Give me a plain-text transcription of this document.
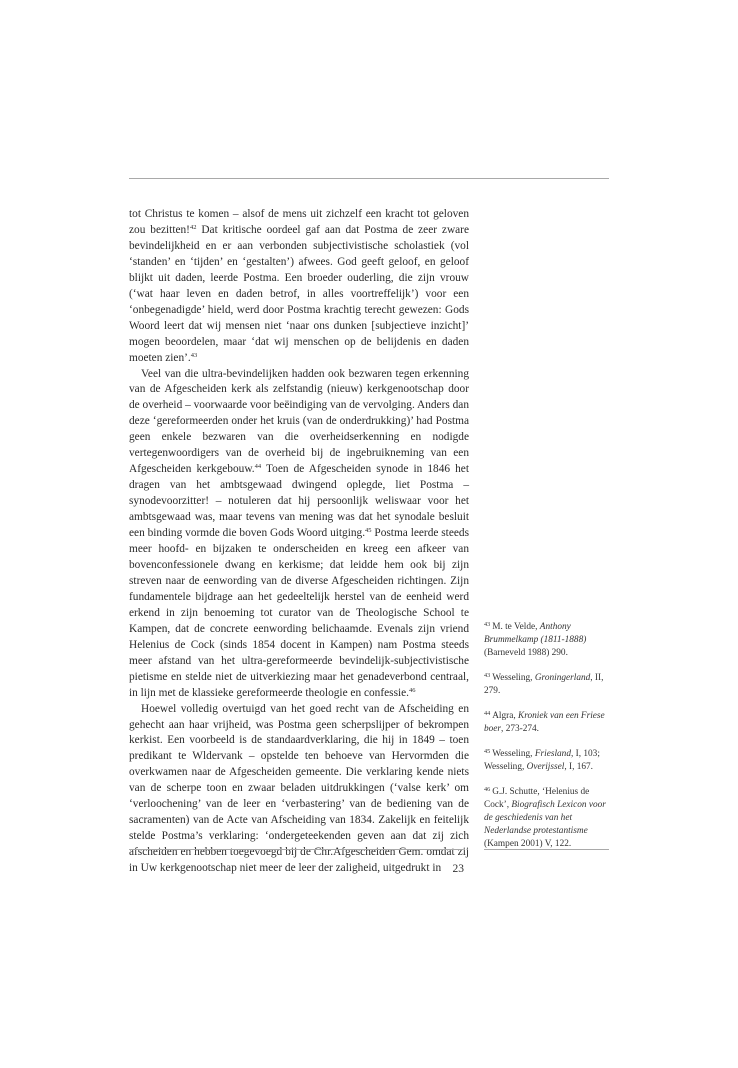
tot Christus te komen – alsof de mens uit zichzelf een kracht tot geloven zou bezitten!$^{42}$ Dat kritische oordeel gaf aan dat Postma de zeer zware bevindelijkheid en er aan verbonden subjectivistische scholastiek (vol ‘standen’ en ‘tijden’ en ‘gestalten’) afwees. God geeft geloof, en geloof blijkt uit daden, leerde Postma. Een broeder ouderling, die zijn vrouw (‘wat haar leven en daden betrof, in alles voortreffelijk’) voor een ‘onbegenadigde’ hield, werd door Postma krachtig terecht gewezen: Gods Woord leert dat wij mensen niet ‘naar ons dunken [subjectieve inzicht]’ mogen beoordelen, maar ‘dat wij menschen op de belijdenis en daden moeten zien’.$^{43}$

Veel van die ultra-bevindelijken hadden ook bezwaren tegen erkenning van de Afgescheiden kerk als zelfstandig (nieuw) kerkgenootschap door de overheid – voorwaarde voor beëindiging van de vervolging. Anders dan deze ‘gereformeerden onder het kruis (van de onderdrukking)’ had Postma geen enkele bezwaren van die overheidserkenning en nodigde vertegenwoordigers van de overheid bij de ingebruikneming van een Afgescheiden kerkgebouw.$^{44}$ Toen de Afgescheiden synode in 1846 het dragen van het ambtsgewaad dwingend oplegde, liet Postma – synodevoorzitter! – notuleren dat hij persoonlijk weliswaar voor het ambtsgewaad was, maar tevens van mening was dat het synodale besluit een binding vormde die boven Gods Woord uitging.$^{45}$ Postma leerde steeds meer hoofd- en bijzaken te onderscheiden en kreeg een afkeer van bovenconfessionele dwang en kerkisme; dat leidde hem ook bij zijn streven naar de eenwording van de diverse Afgescheiden richtingen. Zijn fundamentele bijdrage aan het gedeeltelijk herstel van de eenheid werd erkend in zijn benoeming tot curator van de Theologische School te Kampen, dat de concrete eenwording belichaamde. Evenals zijn vriend Helenius de Cock (sinds 1854 docent in Kampen) nam Postma steeds meer afstand van het ultra-gereformeerde bevindelijk-subjectivistische pietisme en stelde niet de uitverkiezing maar het genadeverbond centraal, in lijn met de klassieke gereformeerde theologie en confessie.$^{46}$

Hoewel volledig overtuigd van het goed recht van de Afscheiding en gehecht aan haar vrijheid, was Postma geen scherpslijper of bekrompen kerkist. Een voorbeeld is de standaardverklaring, die hij in 1849 – toen predikant te Wldervank – opstelde ten behoeve van Hervormden die overkwamen naar de Afgescheiden gemeente. Die verklaring kende niets van de scherpe toon en zwaar beladen uitdrukkingen (‘valse kerk’ om ‘verloochening’ van de leer en ‘verbastering’ van de bediening van de sacramenten) van de Acte van Afscheiding van 1834. Zakelijk en feitelijk stelde Postma’s verklaring: ‘ondergeteekenden geven aan dat zij zich afscheiden en hebben toegevoegd bij de Chr.Afgescheiden Gem. omdat zij in Uw kerkgenootschap niet meer de leer der zaligheid, uitgedrukt in

$^{43}$ M. te Velde, Anthony Brummelkamp (1811-1888) (Barneveld 1988) 290.
$^{43}$ Wesseling, Groningerland, II, 279.
$^{44}$ Algra, Kroniek van een Friese boer, 273-274.
$^{45}$ Wesseling, Friesland, I, 103; Wesseling, Overijssel, I, 167.
$^{46}$ G.J. Schutte, ‘Helenius de Cock’, Biografisch Lexicon voor de geschiedenis van het Nederlandse protestantisme (Kampen 2001) V, 122.
23
